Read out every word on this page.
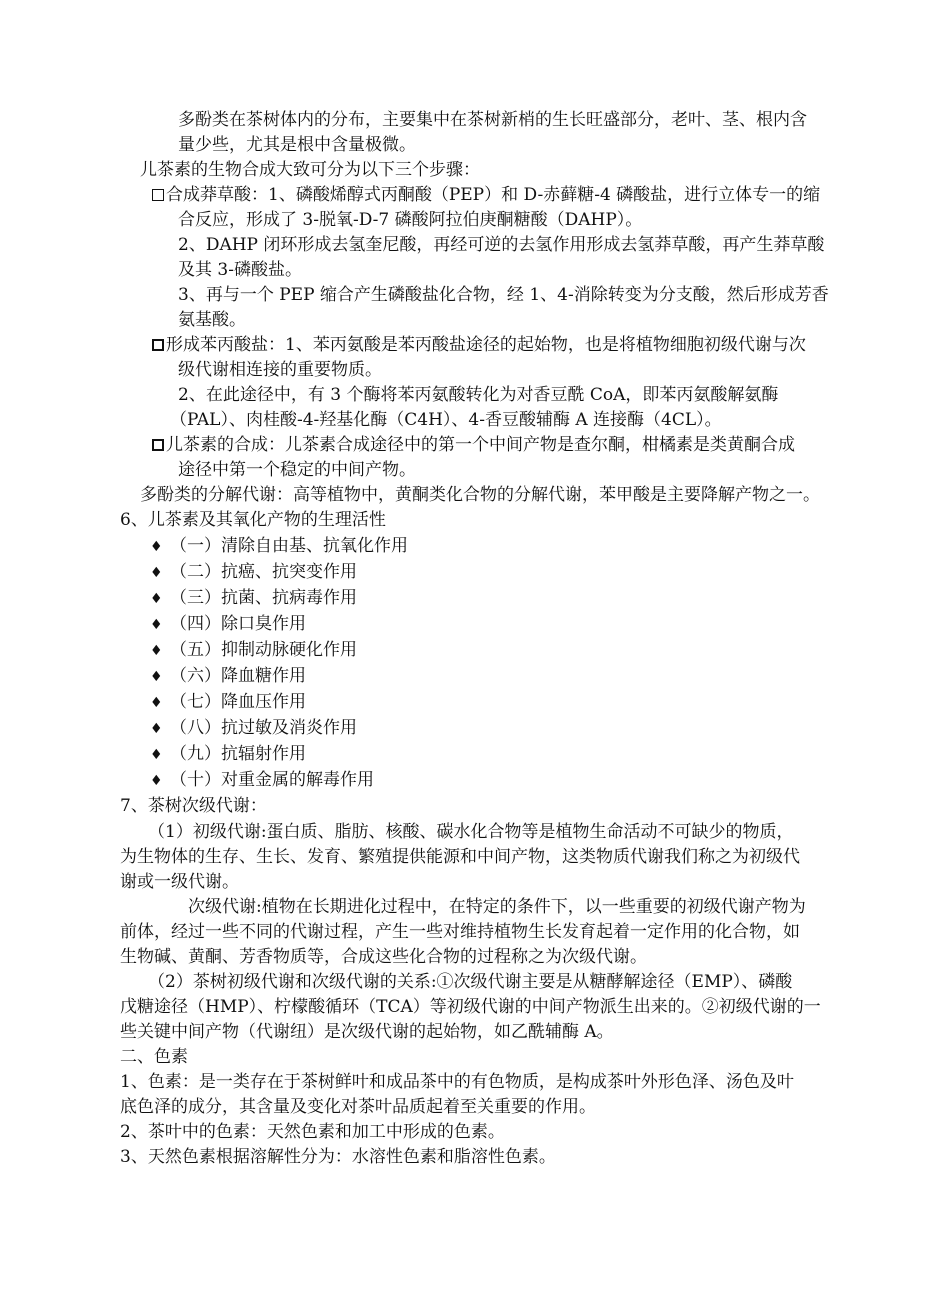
多酚类在茶树体内的分布，主要集中在茶树新梢的生长旺盛部分，老叶、茎、根内含
量少些，尤其是根中含量极微。
儿茶素的生物合成大致可分为以下三个步骤：
合成莽草酸：1、磷酸烯醇式丙酮酸（PEP）和 D-赤藓糖-4 磷酸盐，进行立体专一的缩
合反应，形成了 3-脱氧-D-7 磷酸阿拉伯庚酮糖酸（DAHP）。
2、DAHP 闭环形成去氢奎尼酸，再经可逆的去氢作用形成去氢莽草酸，再产生莽草酸
及其 3-磷酸盐。
3、再与一个 PEP 缩合产生磷酸盐化合物，经 1、4-消除转变为分支酸，然后形成芳香
氨基酸。
形成苯丙酸盐：1、苯丙氨酸是苯丙酸盐途径的起始物，也是将植物细胞初级代谢与次
级代谢相连接的重要物质。
2、在此途径中，有 3 个酶将苯丙氨酸转化为对香豆酰 CoA，即苯丙氨酸解氨酶
（PAL）、肉桂酸-4-羟基化酶（C4H）、4-香豆酸辅酶 A 连接酶（4CL）。
儿茶素的合成：儿茶素合成途径中的第一个中间产物是查尔酮，柑橘素是类黄酮合成
途径中第一个稳定的中间产物。
多酚类的分解代谢：高等植物中，黄酮类化合物的分解代谢，苯甲酸是主要降解产物之一。
6、儿茶素及其氧化产物的生理活性
♦ （一）清除自由基、抗氧化作用
♦ （二）抗癌、抗突变作用
♦ （三）抗菌、抗病毒作用
♦ （四）除口臭作用
♦ （五）抑制动脉硬化作用
♦ （六）降血糖作用
♦ （七）降血压作用
♦ （八）抗过敏及消炎作用
♦ （九）抗辐射作用
♦ （十）对重金属的解毒作用
7、茶树次级代谢：
（1）初级代谢:蛋白质、脂肪、核酸、碳水化合物等是植物生命活动不可缺少的物质，
为生物体的生存、生长、发育、繁殖提供能源和中间产物，这类物质代谢我们称之为初级代
谢或一级代谢。
次级代谢:植物在长期进化过程中，在特定的条件下，以一些重要的初级代谢产物为
前体，经过一些不同的代谢过程，产生一些对维持植物生长发育起着一定作用的化合物，如
生物碱、黄酮、芳香物质等，合成这些化合物的过程称之为次级代谢。
（2）茶树初级代谢和次级代谢的关系:①次级代谢主要是从糖酵解途径（EMP）、磷酸
戊糖途径（HMP）、柠檬酸循环（TCA）等初级代谢的中间产物派生出来的。②初级代谢的一
些关键中间产物（代谢纽）是次级代谢的起始物，如乙酰辅酶 A。
二、色素
1、色素：是一类存在于茶树鲜叶和成品茶中的有色物质，是构成茶叶外形色泽、汤色及叶
底色泽的成分，其含量及变化对茶叶品质起着至关重要的作用。
2、茶叶中的色素：天然色素和加工中形成的色素。
3、天然色素根据溶解性分为：水溶性色素和脂溶性色素。
